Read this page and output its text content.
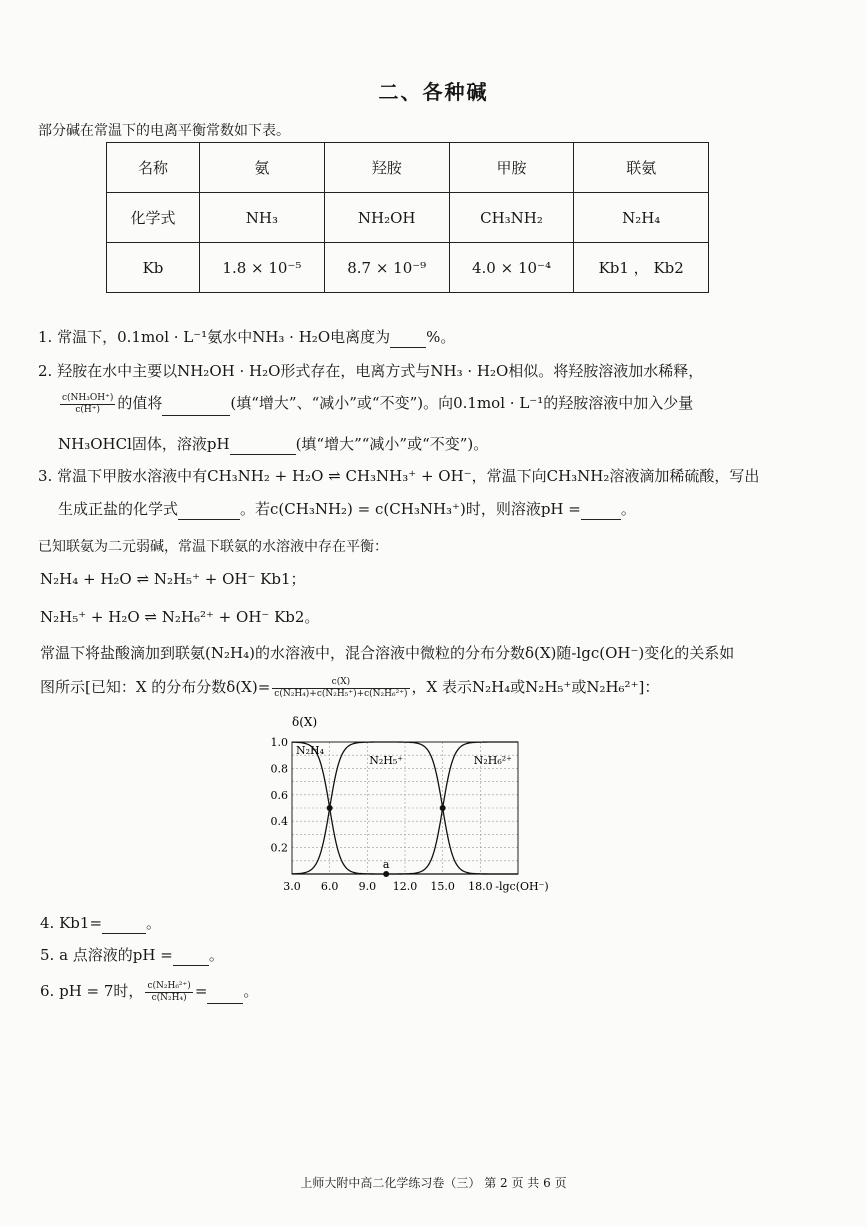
二、各种碱
部分碱在常温下的电离平衡常数如下表。
名称	氨	羟胺	甲胺	联氨
化学式	NH₃	NH₂OH	CH₃NH₂	N₂H₄
Kb	1.8 × 10⁻⁵	8.7 × 10⁻⁹	4.0 × 10⁻⁴	Kb1 ， Kb2
1. 常温下，0.1mol · L⁻¹氨水中NH₃ · H₂O电离度为 %。
2. 羟胺在水中主要以NH₂OH · H₂O形式存在，电离方式与NH₃ · H₂O相似。将羟胺溶液加水稀释，
$\frac{\text{c(NH₃OH⁺)}}{c(H^+)}$ 的值将	(填“增大”、“减小”或“不变”)。向0.1mol · L⁻¹的羟胺溶液中加入少量
NH₃OHCl固体，溶液pH	(填“增大”“减小”或“不变”)。
3. 常温下甲胺水溶液中有CH₃NH₂ + H₂O ⇌ CH₃NH₃⁺ + OH⁻，常温下向CH₃NH₂溶液滴加稀硫酸，写出
生成正盐的化学式	。若c(CH₃NH₂) = c(CH₃NH₃⁺)时，则溶液pH =	。
已知联氨为二元弱碱，常温下联氨的水溶液中存在平衡：
N₂H₄ + H₂O ⇌ N₂H₅⁺ + OH⁻ Kb1；
N₂H₅⁺ + H₂O ⇌ N₂H₆²⁺ + OH⁻ Kb2。
常温下将盐酸滴加到联氨(N₂H₄)的水溶液中，混合溶液中微粒的分布分数δ(X)随-lgc(OH⁻)变化的关系如
图所示[已知：X 的分布分数$\delta(X)= \frac{c(X)}{\text{c(N₂H₄)+c(N₂H₅⁺)+c(N₂H₆²⁺)}}$ ，X 表示N₂H₄或N₂H₅⁺或N₂H₆²⁺]：
3.0 6.0 9.0 12.0 15.0 18.0 -lgc(OH⁻)
0.2
0.4
0.6
0.8
1.0
δ(X)
N₂H₄
N₂H₅⁺	N₂H₆²⁺
a
4. Kb1=	。
5. a 点溶液的pH = 。
6. pH = 7时， $\frac{\text{c(N₂H₆²⁺)}}{\text{c(N₂H₄)}}$ = 。
上师大附中高二化学练习卷（三） 第 2 页 共 6 页
